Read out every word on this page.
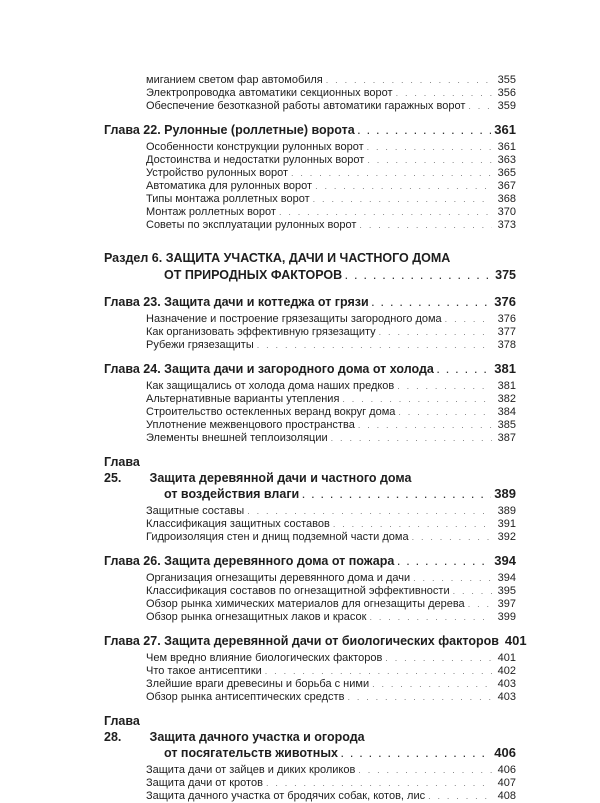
миганием светом фар автомобиля . . .	355
Электропроводка автоматики секционных ворот . . .	356
Обеспечение безотказной работы автоматики гаражных ворот . . .	359
Глава 22. Рулонные (роллетные) ворота . . .	361
Особенности конструкции рулонных ворот . . .	361
Достоинства и недостатки рулонных ворот . . .	363
Устройство рулонных ворот . . .	365
Автоматика для рулонных ворот . . .	367
Типы монтажа роллетных ворот . . .	368
Монтаж роллетных ворот . . .	370
Советы по эксплуатации рулонных ворот . . .	373
Раздел 6. ЗАЩИТА УЧАСТКА, ДАЧИ И ЧАСТНОГО ДОМА
ОТ ПРИРОДНЫХ ФАКТОРОВ . . .	375
Глава 23. Защита дачи и коттеджа от грязи . . .	376
Назначение и построение грязезащиты загородного дома . . .	376
Как организовать эффективную грязезащиту . . .	377
Рубежи грязезащиты . . .	378
Глава 24. Защита дачи и загородного дома от холода . . .	381
Как защищались от холода дома наших предков . . .	381
Альтернативные варианты утепления . . .	382
Строительство остекленных веранд вокруг дома . . .	384
Уплотнение межвенцового пространства . . .	385
Элементы внешней теплоизоляции . . .	387
Глава 25. Защита деревянной дачи и частного дома
от воздействия влаги . . .	389
Защитные составы . . .	389
Классификация защитных составов . . .	391
Гидроизоляция стен и днищ подземной части дома . . .	392
Глава 26. Защита деревянного дома от пожара . . .	394
Организация огнезащиты деревянного дома и дачи . . .	394
Классификация составов по огнезащитной эффективности . . .	395
Обзор рынка химических материалов для огнезащиты дерева . . .	397
Обзор рынка огнезащитных лаков и красок . . .	399
Глава 27. Защита деревянной дачи от биологических факторов 401
Чем вредно влияние биологических факторов . . .	401
Что такое антисептики . . .	402
Злейшие враги древесины и борьба с ними . . .	403
Обзор рынка антисептических средств . . .	403
Глава 28. Защита дачного участка и огорода
от посягательств животных . . .	406
Защита дачи от зайцев и диких кроликов . . .	406
Защита дачи от кротов . . .	407
Защита дачного участка от бродячих собак, котов, лис . . .	408
